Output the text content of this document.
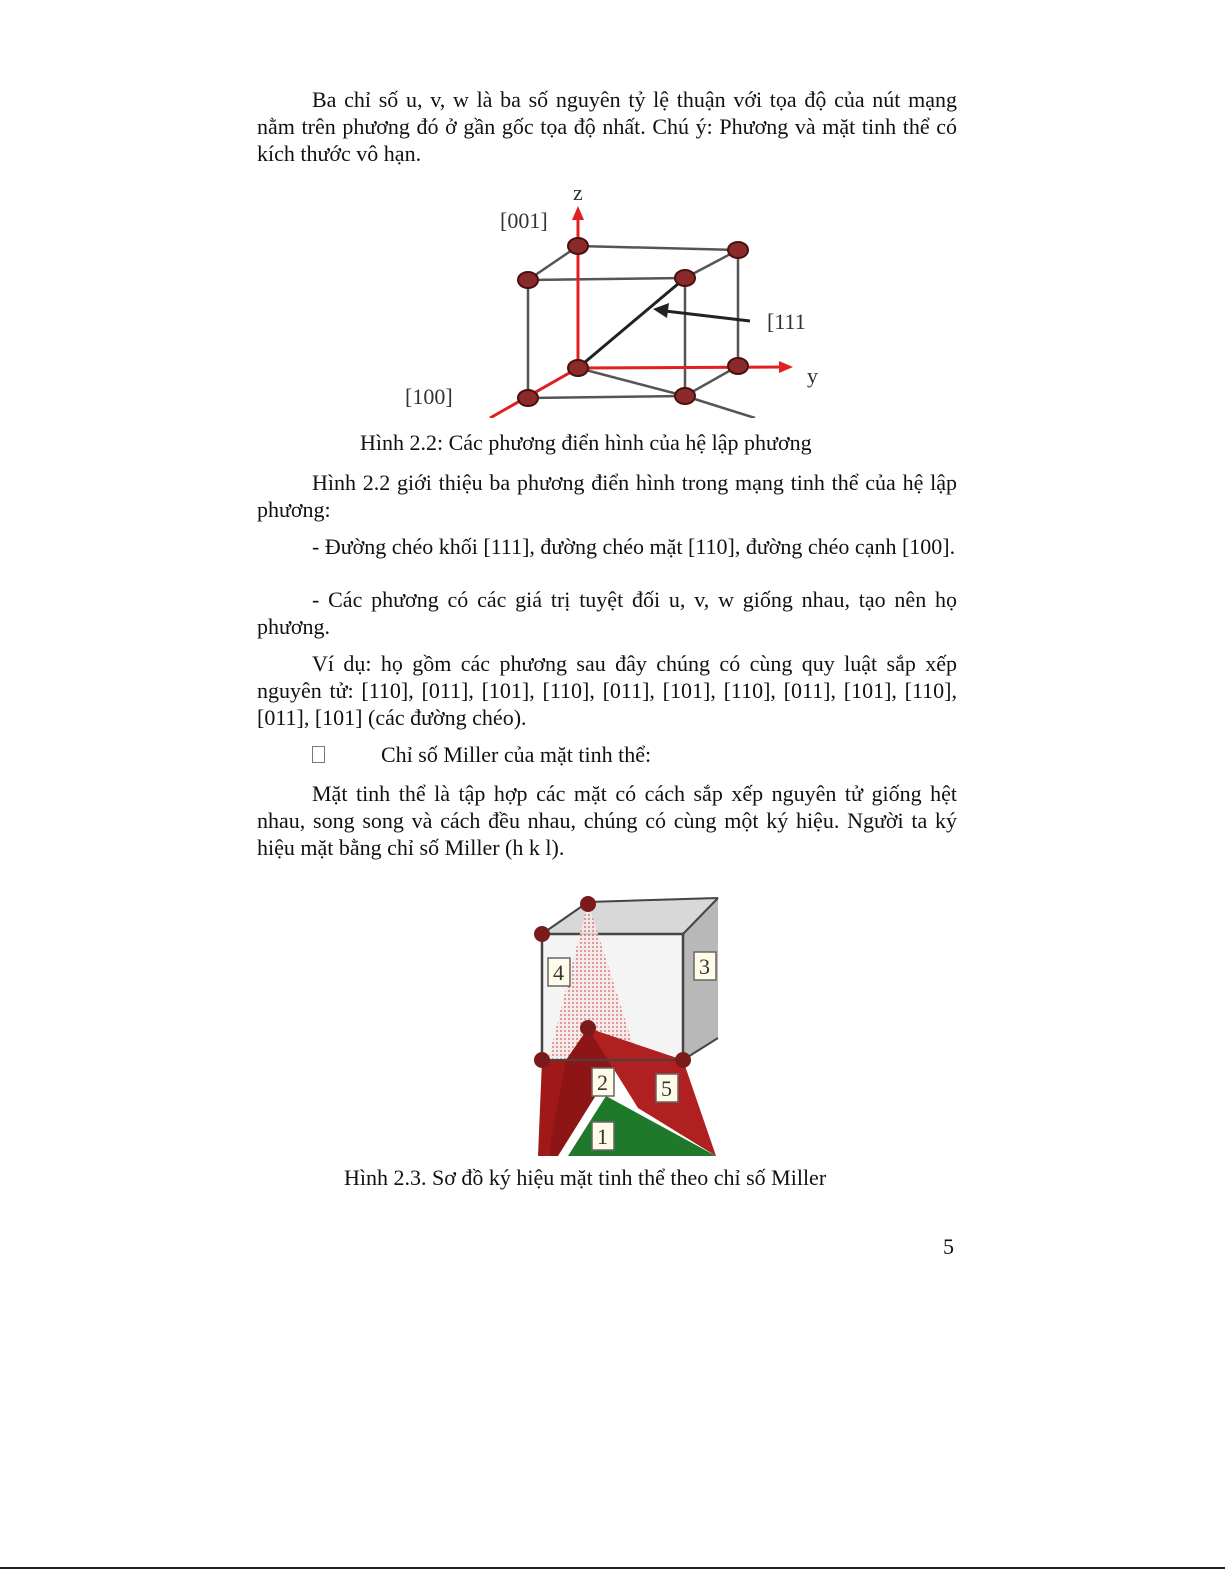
Ba chỉ số u, v, w là ba số nguyên tỷ lệ thuận với tọa độ của nút mạng nằm trên phương đó ở gần gốc tọa độ nhất. Chú ý: Phương và mặt tinh thể có kích thước vô hạn.

z
[001]
[111
y
[100]

Hình 2.2: Các phương điển hình của hệ lập phương

Hình 2.2 giới thiệu ba phương điển hình trong mạng tinh thể của hệ lập phương:

- Đường chéo khối [111], đường chéo mặt [110], đường chéo cạnh [100].

- Các phương có các giá trị tuyệt đối u, v, w giống nhau, tạo nên họ phương.

Ví dụ: họ gồm các phương sau đây chúng có cùng quy luật sắp xếp nguyên tử: [110], [011], [101], [110], [011], [101], [110], [011], [101], [110], [011], [101] (các đường chéo).

Chỉ số Miller của mặt tinh thể:

Mặt tinh thể là tập hợp các mặt có cách sắp xếp nguyên tử giống hệt nhau, song song và cách đều nhau, chúng có cùng một ký hiệu. Người ta ký hiệu mặt bằng chỉ số Miller (h k l).

4	3
2 5
1

Hình 2.3. Sơ đồ ký hiệu mặt tinh thể theo chỉ số Miller

5
